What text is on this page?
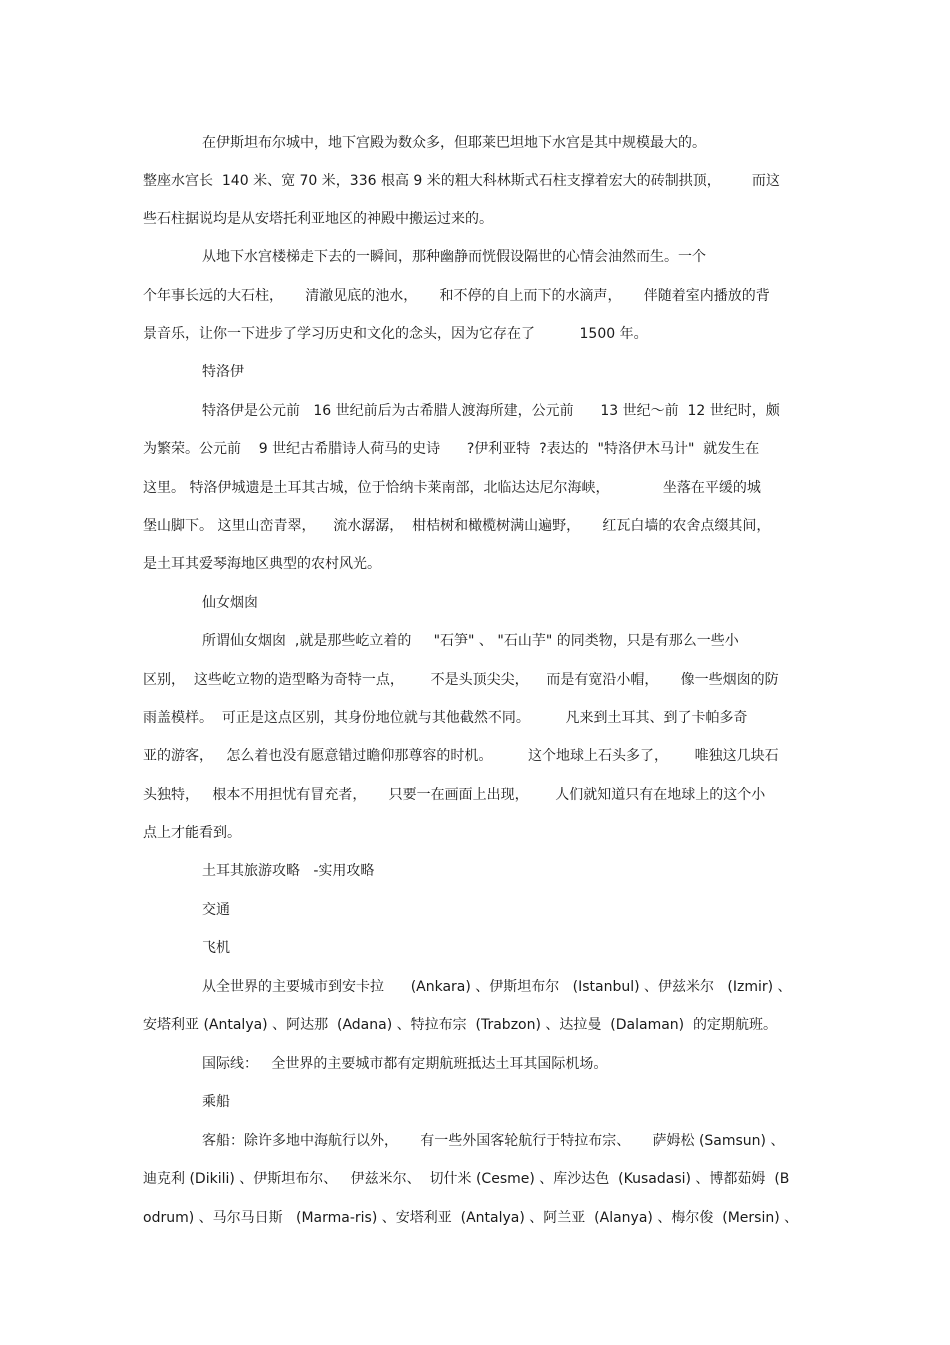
在伊斯坦布尔城中，地下宫殿为数众多，但耶莱巴坦地下水宫是其中规模最大的。
整座水宫长  140 米、宽 70 米，336 根高 9 米的粗大科林斯式石柱支撑着宏大的砖制拱顶，       而这
些石柱据说均是从安塔托利亚地区的神殿中搬运过来的。
从地下水宫楼梯走下去的一瞬间，那种幽静而恍假设隔世的心情会油然而生。一个
个年事长远的大石柱，     清澈见底的池水，     和不停的自上而下的水滴声，     伴随着室内播放的背
景音乐，让你一下进步了学习历史和文化的念头，因为它存在了          1500 年。
特洛伊
特洛伊是公元前   16 世纪前后为古希腊人渡海所建，公元前      13 世纪～前  12 世纪时，颇
为繁荣。公元前    9 世纪古希腊诗人荷马的史诗      ?伊利亚特  ?表达的  "特洛伊木马计"  就发生在
这里。 特洛伊城遗是土耳其古城，位于恰纳卡莱南部，北临达达尼尔海峡，            坐落在平缓的城
堡山脚下。 这里山峦青翠，    流水潺潺，  柑桔树和橄榄树满山遍野，     红瓦白墙的农舍点缀其间，
是土耳其爱琴海地区典型的农村风光。
仙女烟囱
所谓仙女烟囱  ,就是那些屹立着的     "石笋" 、 "石山芋" 的同类物，只是有那么一些小
区别，  这些屹立物的造型略为奇特一点，      不是头顶尖尖，    而是有宽沿小帽，     像一些烟囱的防
雨盖模样。  可正是这点区别，其身份地位就与其他截然不同。        凡来到土耳其、到了卡帕多奇
亚的游客，   怎么着也没有愿意错过瞻仰那尊容的时机。        这个地球上石头多了，      唯独这几块石
头独特，   根本不用担忧有冒充者，     只要一在画面上出现，      人们就知道只有在地球上的这个小
点上才能看到。
土耳其旅游攻略   -实用攻略
交通
飞机
从全世界的主要城市到安卡拉      (Ankara) 、伊斯坦布尔   (Istanbul) 、伊兹米尔   (Izmir) 、
安塔利亚 (Antalya) 、阿达那  (Adana) 、特拉布宗  (Trabzon) 、达拉曼  (Dalaman)  的定期航班。
国际线：   全世界的主要城市都有定期航班抵达土耳其国际机场。
乘船
客船：除许多地中海航行以外，     有一些外国客轮航行于特拉布宗、     萨姆松 (Samsun) 、
迪克利 (Dikili) 、伊斯坦布尔、   伊兹米尔、  切什米 (Cesme) 、库沙达色  (Kusadasi) 、博都茹姆  (B
odrum) 、马尔马日斯   (Marma-ris) 、安塔利亚  (Antalya) 、阿兰亚  (Alanya) 、梅尔俊  (Mersin) 、
